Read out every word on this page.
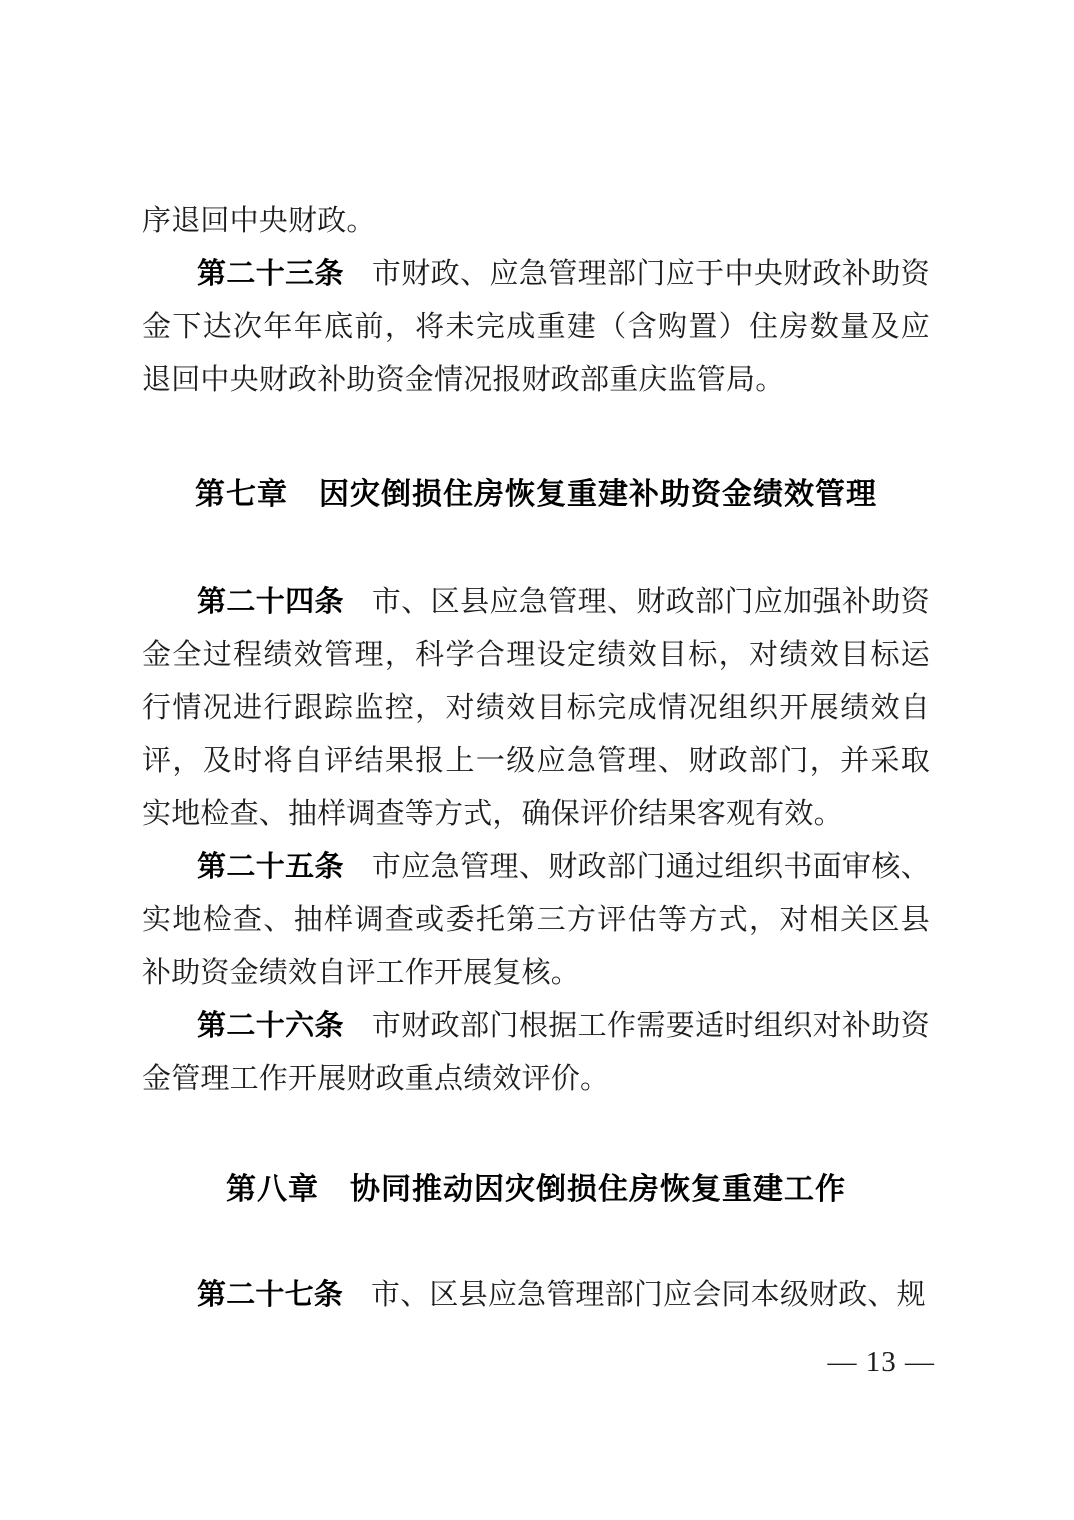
序退回中央财政。

第二十三条 市财政、应急管理部门应于中央财政补助资金下达次年年底前，将未完成重建（含购置）住房数量及应退回中央财政补助资金情况报财政部重庆监管局。

第七章　因灾倒损住房恢复重建补助资金绩效管理

第二十四条 市、区县应急管理、财政部门应加强补助资金全过程绩效管理，科学合理设定绩效目标，对绩效目标运行情况进行跟踪监控，对绩效目标完成情况组织开展绩效自评，及时将自评结果报上一级应急管理、财政部门，并采取实地检查、抽样调查等方式，确保评价结果客观有效。

第二十五条 市应急管理、财政部门通过组织书面审核、实地检查、抽样调查或委托第三方评估等方式，对相关区县补助资金绩效自评工作开展复核。

第二十六条 市财政部门根据工作需要适时组织对补助资金管理工作开展财政重点绩效评价。

第八章　协同推动因灾倒损住房恢复重建工作

第二十七条 市、区县应急管理部门应会同本级财政、规

— 13 —
